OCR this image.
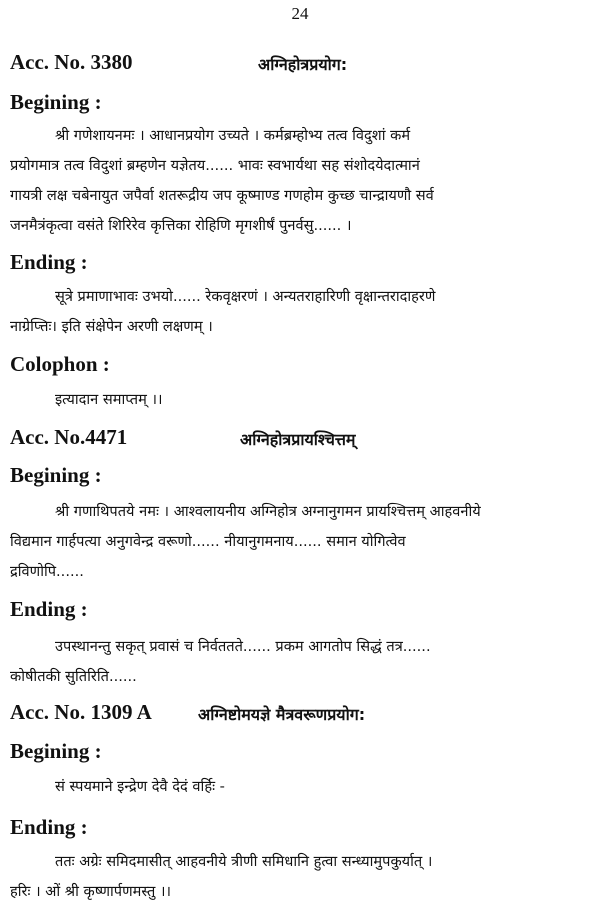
24
Acc. No. 3380	अग्निहोत्रप्रयोग:
Begining :
श्री गणेशायनमः । आधानप्रयोग उच्यते । कर्मब्रम्होभ्य तत्व विदुशां कर्म
प्रयोगमात्र तत्व विदुशां ब्रम्हणेन यज्ञेतय...... भावः स्वभार्यथा सह संशोदयेदात्मानं
गायत्री लक्ष चबेनायुत जपैर्वा शतरूद्रीय जप कूष्माण्ड गणहोम कुच्छ चान्द्रायणौ सर्व
जनमैत्रंकृत्वा वसंते शिरिरेव कृत्तिका रोहिणि मृगशीर्षं पुनर्वसु...... ।
Ending :
सूत्रे प्रमाणाभावः उभयो...... रेकवृक्षरणं । अन्यतराहारिणी वृक्षान्तरादाहरणे
नाग्रेप्त्तिः। इति संक्षेपेन अरणी लक्षणम् ।
Colophon :
इत्यादान समाप्तम् ।।
Acc. No.4471	अग्निहोत्रप्रायश्चित्तम्
Begining :
श्री गणाथिपतये नमः । आश्वलायनीय अग्निहोत्र अग्नानुगमन प्रायश्चित्तम् आहवनीये
विद्यमान गार्हपत्या अनुगवेन्द्र वरूणो...... नीयानुगमनाय...... समान योगित्वेव
द्रविणोपि......
Ending :
उपस्थानन्तु सकृत् प्रवासं च निर्वततते...... प्रकम आगतोप सिद्धं तत्र......
कोषीतकी सुतिरिति......
Acc. No. 1309 A	अग्निष्टोमयज्ञे मैत्रवरूणप्रयोग:
Begining :
सं स्पयमाने इन्द्रेण देवै देदं वर्हिः -
Ending :
ततः अग्रेः समिदमासीत् आहवनीये त्रीणी समिधानि हुत्वा सन्ध्यामुपकुर्यात् ।
हरिः । ओं श्री कृष्णार्पणमस्तु ।।
